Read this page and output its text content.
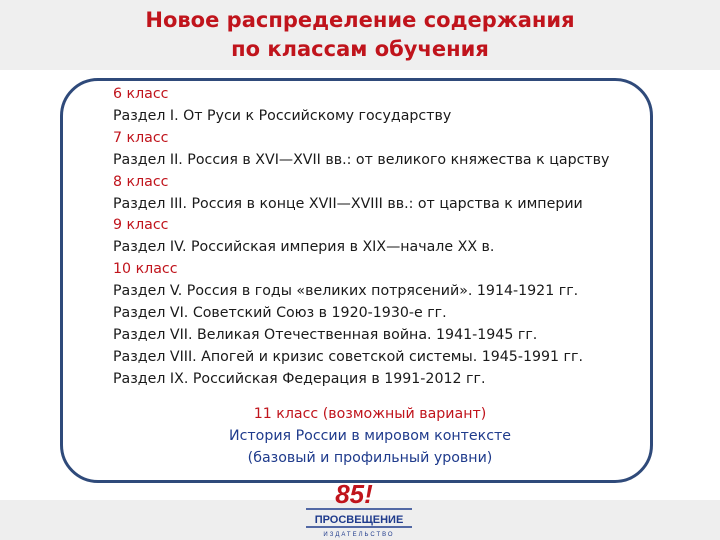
Новое распределение содержания
по классам обучения
6 класс
Раздел I. От Руси к Российскому государству
7 класс
Раздел II. Россия в XVI—XVII вв.: от великого княжества к царству
8 класс
Раздел III. Россия в конце XVII—XVIII вв.: от царства к империи
9 класс
Раздел IV. Российская империя в XIX—начале XX в.
10 класс
Раздел V. Россия в годы «великих потрясений». 1914-1921 гг.
Раздел VI. Советский Союз в 1920-1930-е гг.
Раздел VII. Великая Отечественная война. 1941-1945 гг.
Раздел VIII. Апогей и кризис советской системы. 1945-1991 гг.
Раздел IX. Российская Федерация в 1991-2012 гг.
11 класс (возможный вариант)
История России в мировом контексте
(базовый и профильный уровни)
85!
ПРОСВЕЩЕНИЕ
ИЗДАТЕЛЬСТВО
